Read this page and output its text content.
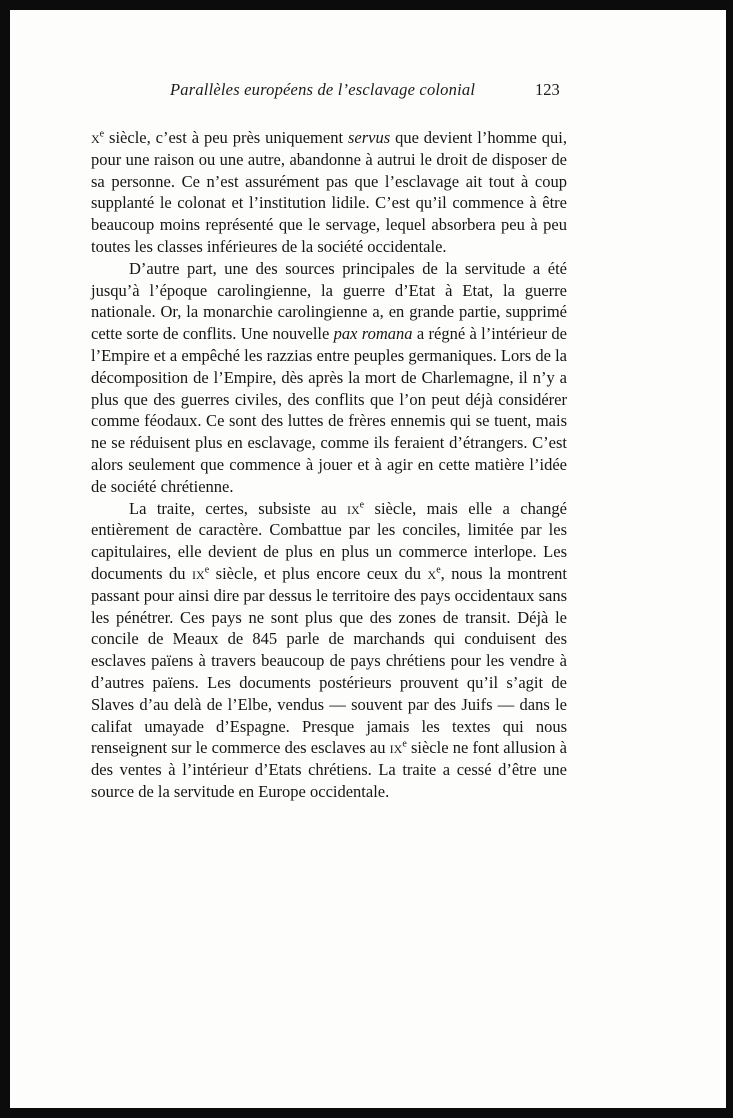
Parallèles européens de l’esclavage colonial	123

$x^e$ siècle, c’est à peu près uniquement servus que devient l’homme qui, pour une raison ou une autre, abandonne à autrui le droit de disposer de sa personne. Ce n’est assurément pas que l’esclavage ait tout à coup supplanté le colonat et l’institution lidile. C’est qu’il commence à être beaucoup moins représenté que le servage, lequel absorbera peu à peu toutes les classes inférieures de la société occidentale.

D’autre part, une des sources principales de la servitude a été jusqu’à l’époque carolingienne, la guerre d’Etat à Etat, la guerre nationale. Or, la monarchie carolingienne a, en grande partie, supprimé cette sorte de conflits. Une nouvelle pax romana a régné à l’intérieur de l’Empire et a empêché les razzias entre peuples germaniques. Lors de la décomposition de l’Empire, dès après la mort de Charlemagne, il n’y a plus que des guerres civiles, des conflits que l’on peut déjà considérer comme féodaux. Ce sont des luttes de frères ennemis qui se tuent, mais ne se réduisent plus en esclavage, comme ils feraient d’étrangers. C’est alors seulement que commence à jouer et à agir en cette matière l’idée de société chrétienne.

La traite, certes, subsiste au $ix^e$ siècle, mais elle a changé entièrement de caractère. Combattue par les conciles, limitée par les capitulaires, elle devient de plus en plus un commerce interlope. Les documents du $ix^e$ siècle, et plus encore ceux du $x^e$, nous la montrent passant pour ainsi dire par dessus le territoire des pays occidentaux sans les pénétrer. Ces pays ne sont plus que des zones de transit. Déjà le concile de Meaux de 845 parle de marchands qui conduisent des esclaves païens à travers beaucoup de pays chrétiens pour les vendre à d’autres païens. Les documents postérieurs prouvent qu’il s’agit de Slaves d’au delà de l’Elbe, vendus — souvent par des Juifs — dans le califat umayade d’Espagne. Presque jamais les textes qui nous renseignent sur le commerce des esclaves au $ix^e$ siècle ne font allusion à des ventes à l’intérieur d’Etats chrétiens. La traite a cessé d’être une source de la servitude en Europe occidentale.
